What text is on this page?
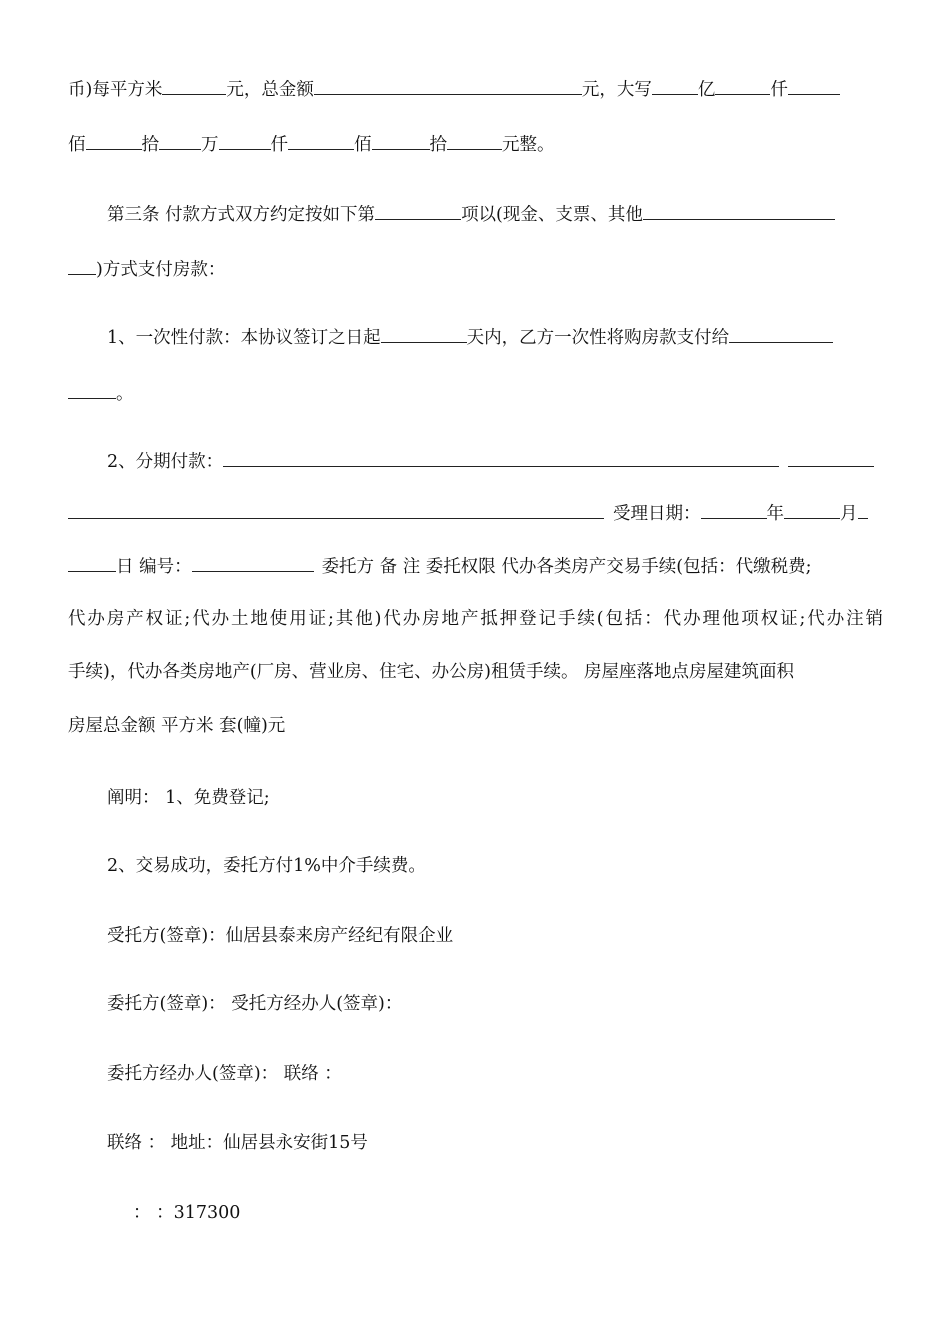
币)每平方米	元，总金额	元，大写	亿	仟
佰	拾 万	仟	佰	拾	元整。
第三条 付款方式双方约定按如下第	项以(现金、支票、其他
)方式支付房款：
1、一次性付款：本协议签订之日起	天内，乙方一次性将购房款支付给
。
2、分期付款：
受理日期：	年	月
日 编号：	委托方 备 注 委托权限 代办各类房产交易手续(包括：代缴税费;
代办房产权证;代办土地使用证;其他)代办房地产抵押登记手续(包括：代办理他项权证;代办注销
手续)，代办各类房地产(厂房、营业房、住宅、办公房)租赁手续。 房屋座落地点房屋建筑面积
房屋总金额 平方米 套(幢)元
阐明： 1、免费登记;
2、交易成功，委托方付1%中介手续费。
受托方(签章)：仙居县泰来房产经纪有限企业
委托方(签章)： 受托方经办人(签章)：
委托方经办人(签章)： 联络 ：
联络 ： 地址：仙居县永安街15号
： ：317300
